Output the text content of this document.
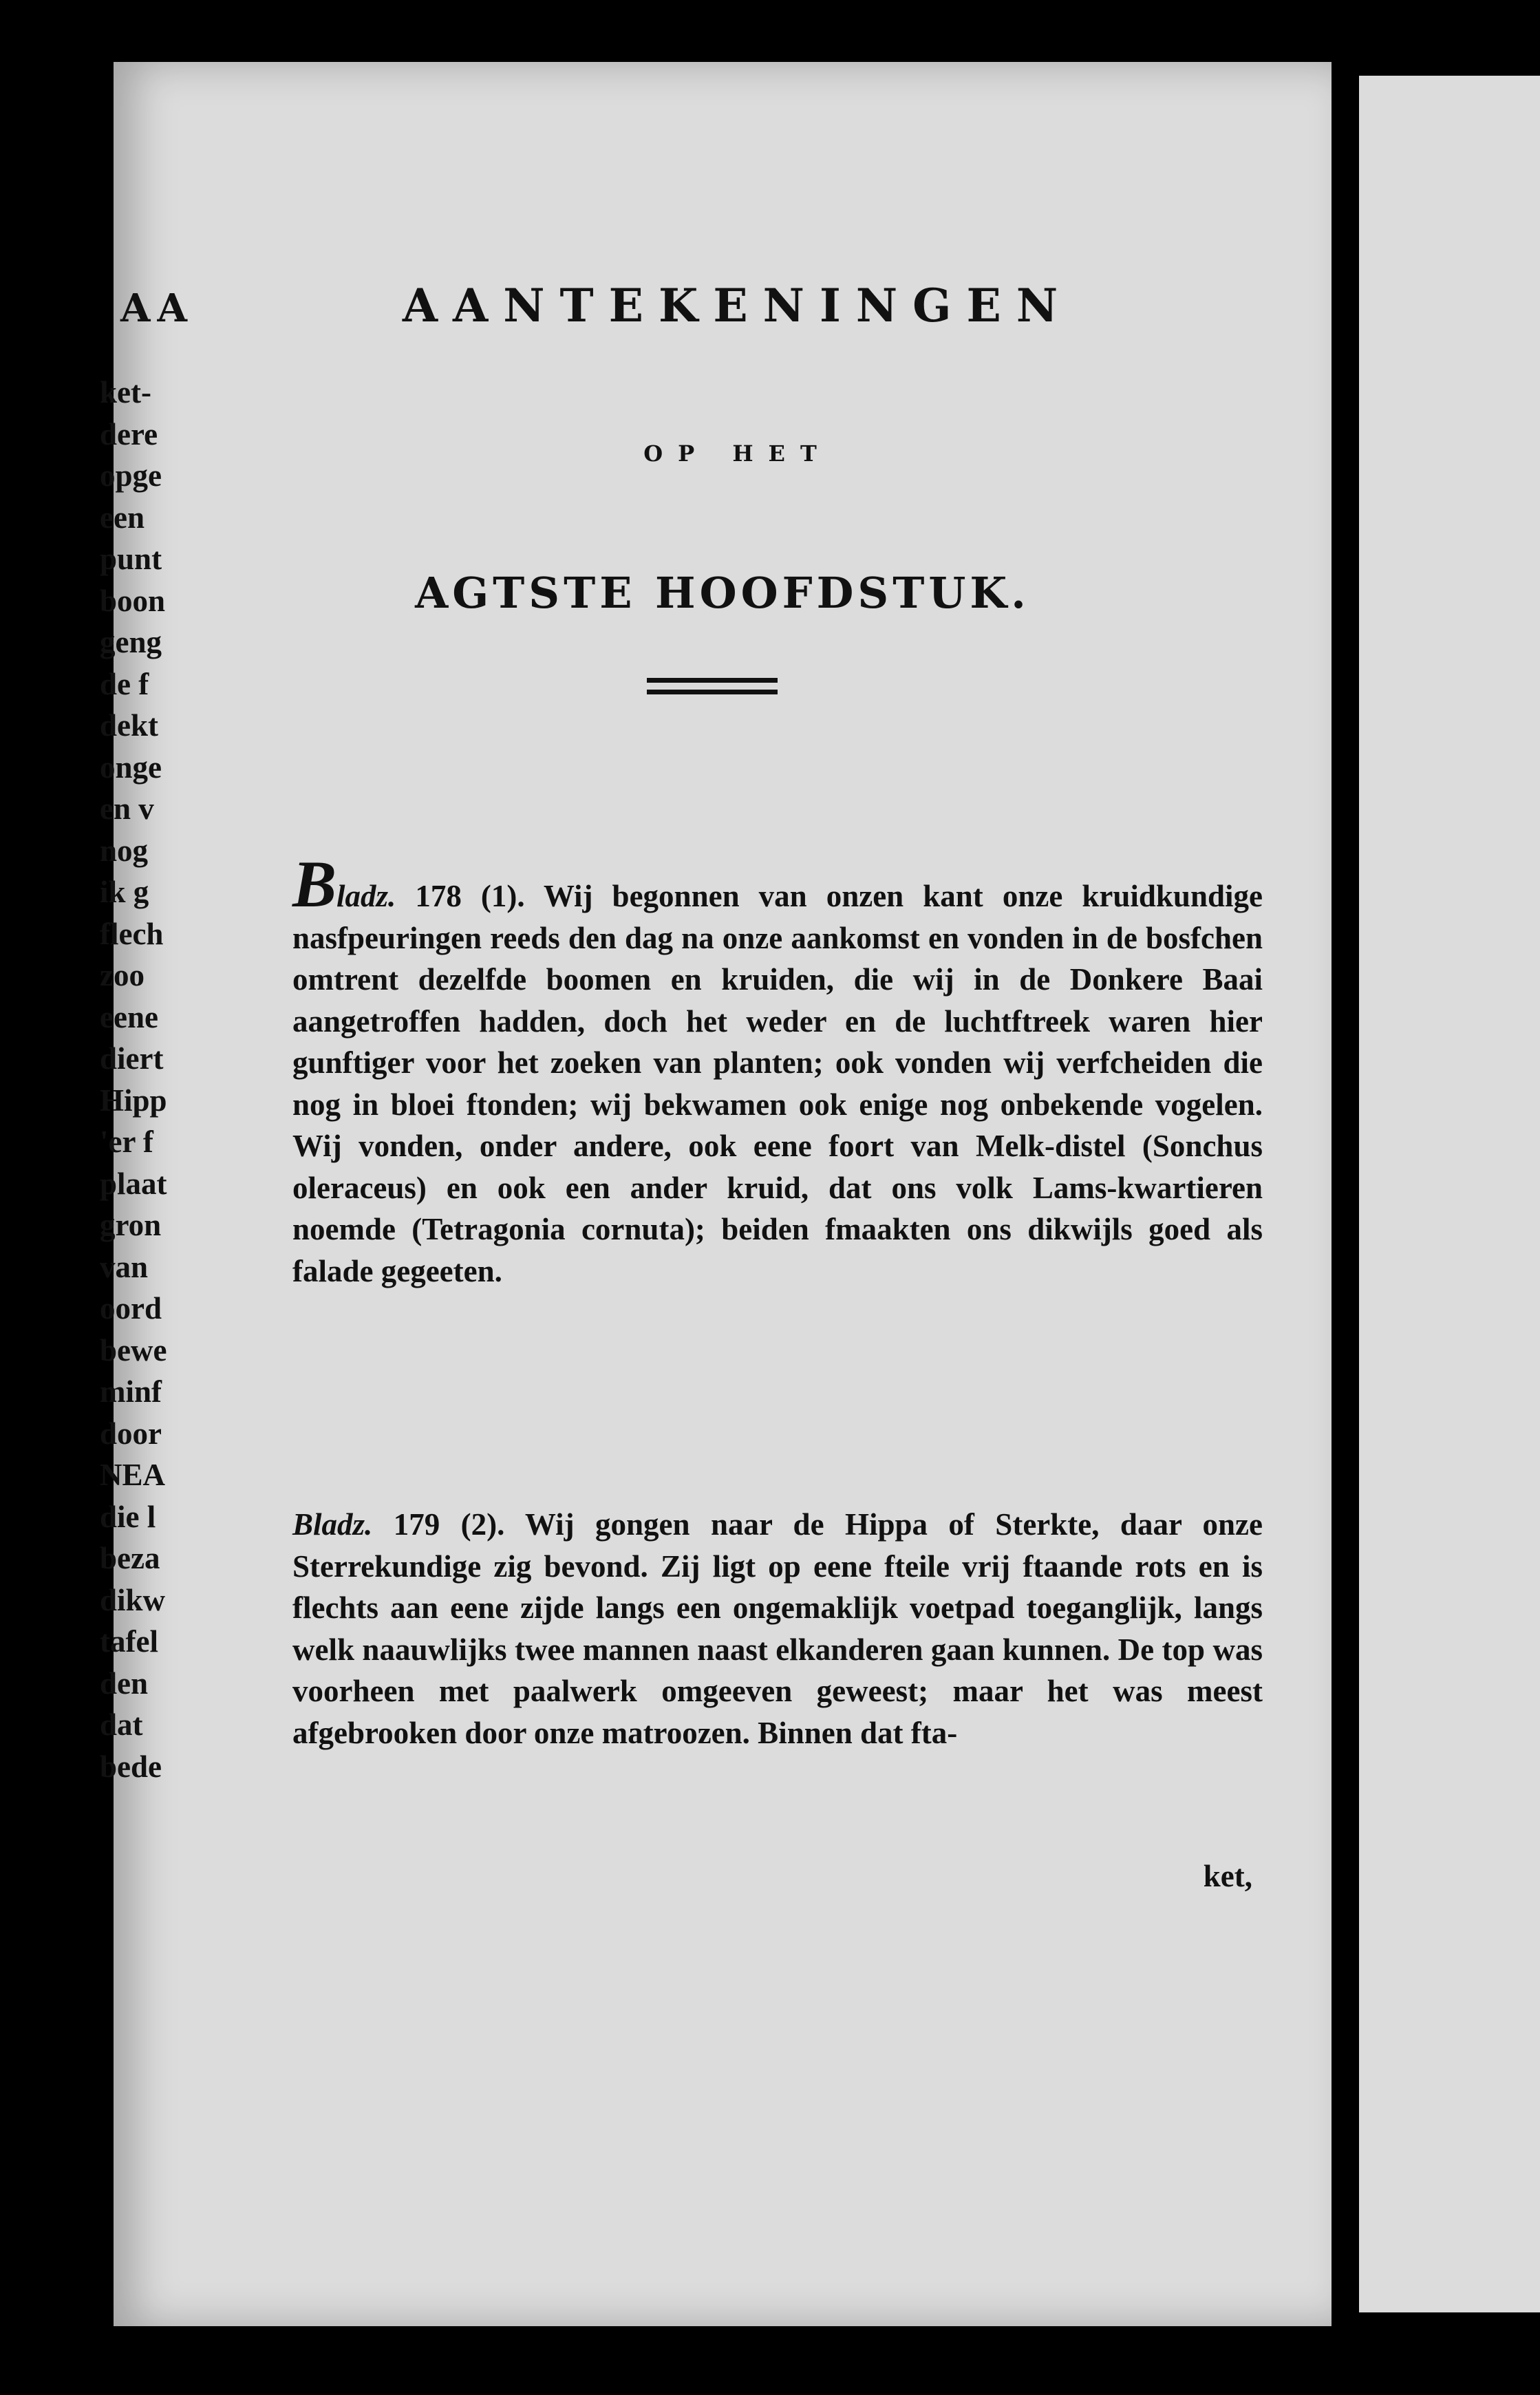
AANTEKENINGEN
OP HET
AGTSTE HOOFDSTUK.
Bladz. 178 (1). Wij begonnen van onzen kant onze kruidkundige nasfpeuringen reeds den dag na onze aankomst en vonden in de bosfchen omtrent dezelfde boomen en kruiden, die wij in de Donkere Baai aangetroffen hadden, doch het weder en de luchtftreek waren hier gunftiger voor het zoeken van planten; ook vonden wij verfcheiden die nog in bloei ftonden; wij bekwamen ook enige nog onbekende vogelen. Wij vonden, onder andere, ook eene foort van Melk-distel (Sonchus oleraceus) en ook een ander kruid, dat ons volk Lams-kwartieren noemde (Tetragonia cornuta); beiden fmaakten ons dikwijls goed als falade gegeeten.
Bladz. 179 (2). Wij gongen naar de Hippa of Sterkte, daar onze Sterrekundige zig bevond. Zij ligt op eene fteile vrij ftaande rots en is flechts aan eene zijde langs een ongemaklijk voetpad toeganglijk, langs welk naauwlijks twee mannen naast elkanderen gaan kunnen. De top was voorheen met paalwerk omgeeven geweest; maar het was meest afgebrooken door onze matroozen. Binnen dat fta-
ket,
AA
ket-
dere
opge
een
punt
boon
geng
de f
dekt
onge
en v
nog
ik g
flech
zoo
eene
diert
Hipp
'er f
plaat
gron
van
oord
bewe
minf
door
NEA
die l
beza
dikw
tafel
den
dat
bede
